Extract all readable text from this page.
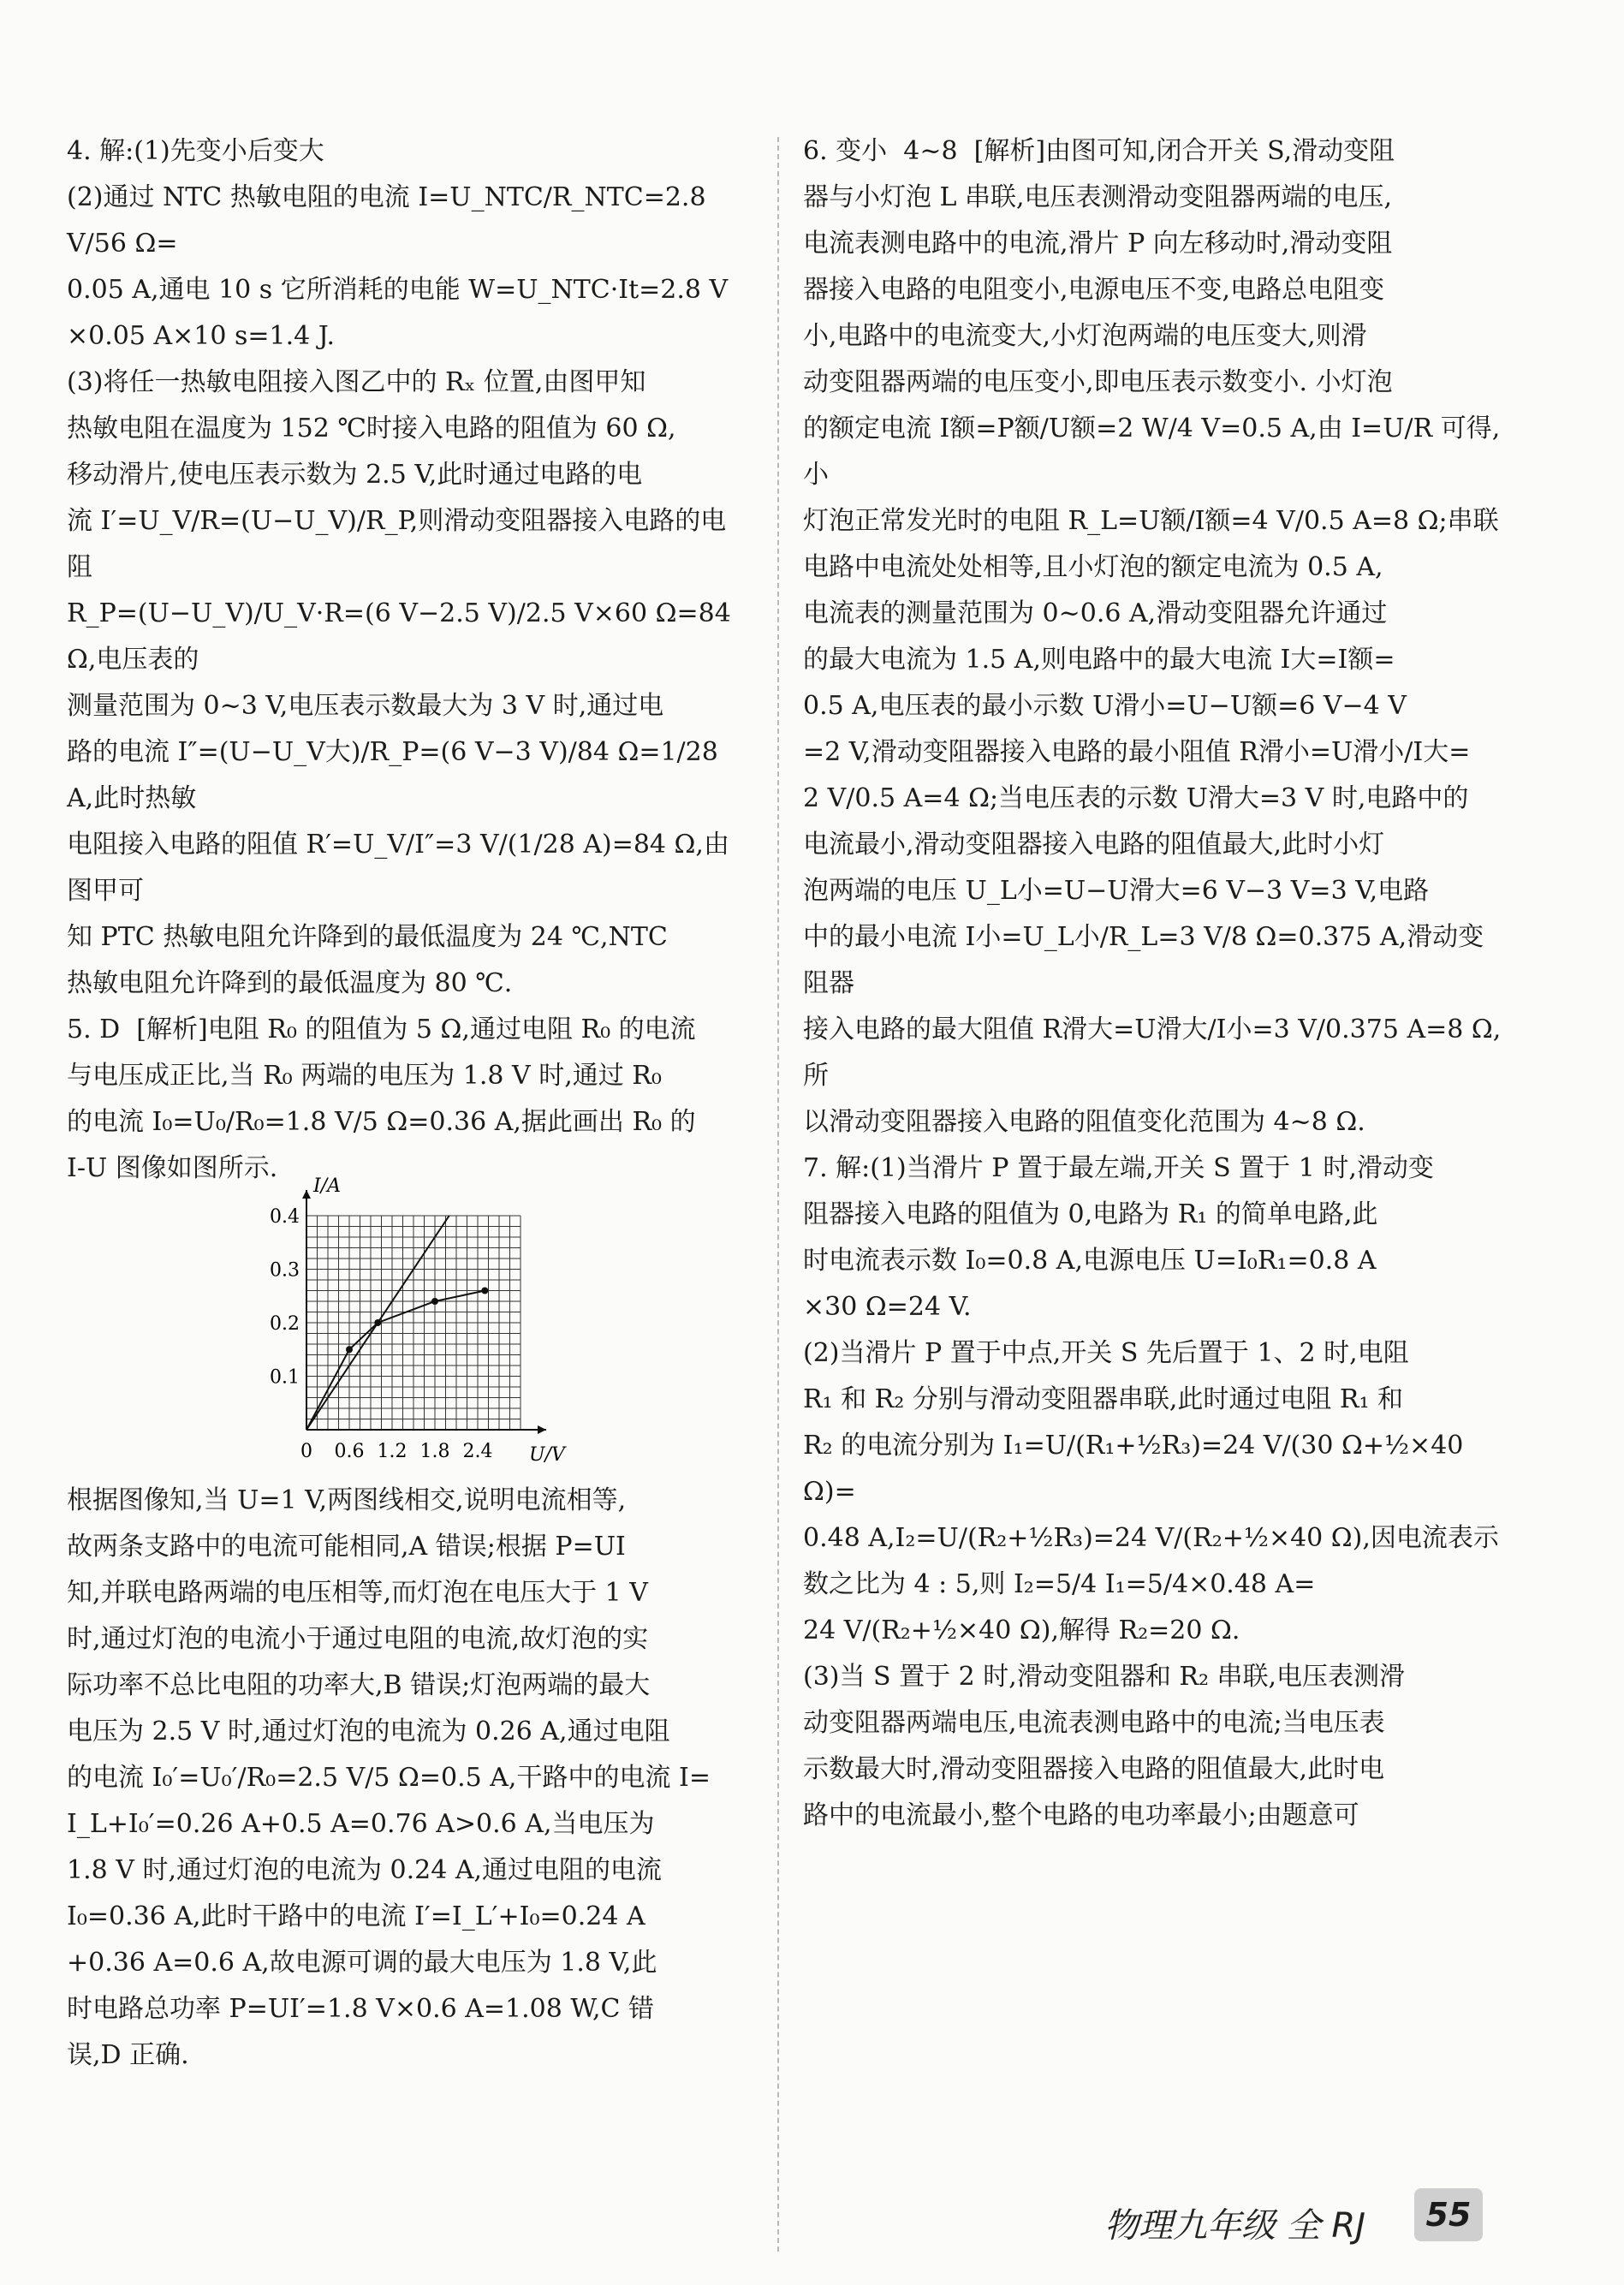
4. 解:(1)先变小后变大

(2)通过 NTC 热敏电阻的电流 I=U_NTC/R_NTC=2.8 V/56 Ω=

0.05 A,通电 10 s 它所消耗的电能 W=U_NTC·It=2.8 V

×0.05 A×10 s=1.4 J.

(3)将任一热敏电阻接入图乙中的 Rₓ 位置,由图甲知

热敏电阻在温度为 152 ℃时接入电路的阻值为 60 Ω,

移动滑片,使电压表示数为 2.5 V,此时通过电路的电

流 I′=U_V/R=(U−U_V)/R_P,则滑动变阻器接入电路的电阻

R_P=(U−U_V)/U_V·R=(6 V−2.5 V)/2.5 V×60 Ω=84 Ω,电压表的

测量范围为 0~3 V,电压表示数最大为 3 V 时,通过电

路的电流 I″=(U−U_V大)/R_P=(6 V−3 V)/84 Ω=1/28 A,此时热敏

电阻接入电路的阻值 R′=U_V/I″=3 V/(1/28 A)=84 Ω,由图甲可

知 PTC 热敏电阻允许降到的最低温度为 24 ℃,NTC

热敏电阻允许降到的最低温度为 80 ℃.

5. D  [解析]电阻 R₀ 的阻值为 5 Ω,通过电阻 R₀ 的电流

与电压成正比,当 R₀ 两端的电压为 1.8 V 时,通过 R₀

的电流 I₀=U₀/R₀=1.8 V/5 Ω=0.36 A,据此画出 R₀ 的

I-U 图像如图所示.

0 0.6 1.2 1.8 2.4
0.1
0.2
0.3
0.4
U/V
I/A

根据图像知,当 U=1 V,两图线相交,说明电流相等,

故两条支路中的电流可能相同,A 错误;根据 P=UI

知,并联电路两端的电压相等,而灯泡在电压大于 1 V

时,通过灯泡的电流小于通过电阻的电流,故灯泡的实

际功率不总比电阻的功率大,B 错误;灯泡两端的最大

电压为 2.5 V 时,通过灯泡的电流为 0.26 A,通过电阻

的电流 I₀′=U₀′/R₀=2.5 V/5 Ω=0.5 A,干路中的电流 I=

I_L+I₀′=0.26 A+0.5 A=0.76 A>0.6 A,当电压为

1.8 V 时,通过灯泡的电流为 0.24 A,通过电阻的电流

I₀=0.36 A,此时干路中的电流 I′=I_L′+I₀=0.24 A

+0.36 A=0.6 A,故电源可调的最大电压为 1.8 V,此

时电路总功率 P=UI′=1.8 V×0.6 A=1.08 W,C 错

误,D 正确.

6. 变小  4~8  [解析]由图可知,闭合开关 S,滑动变阻

器与小灯泡 L 串联,电压表测滑动变阻器两端的电压,

电流表测电路中的电流,滑片 P 向左移动时,滑动变阻

器接入电路的电阻变小,电源电压不变,电路总电阻变

小,电路中的电流变大,小灯泡两端的电压变大,则滑

动变阻器两端的电压变小,即电压表示数变小. 小灯泡

的额定电流 I额=P额/U额=2 W/4 V=0.5 A,由 I=U/R 可得,小

灯泡正常发光时的电阻 R_L=U额/I额=4 V/0.5 A=8 Ω;串联

电路中电流处处相等,且小灯泡的额定电流为 0.5 A,

电流表的测量范围为 0~0.6 A,滑动变阻器允许通过

的最大电流为 1.5 A,则电路中的最大电流 I大=I额=

0.5 A,电压表的最小示数 U滑小=U−U额=6 V−4 V

=2 V,滑动变阻器接入电路的最小阻值 R滑小=U滑小/I大=

2 V/0.5 A=4 Ω;当电压表的示数 U滑大=3 V 时,电路中的

电流最小,滑动变阻器接入电路的阻值最大,此时小灯

泡两端的电压 U_L小=U−U滑大=6 V−3 V=3 V,电路

中的最小电流 I小=U_L小/R_L=3 V/8 Ω=0.375 A,滑动变阻器

接入电路的最大阻值 R滑大=U滑大/I小=3 V/0.375 A=8 Ω,所

以滑动变阻器接入电路的阻值变化范围为 4~8 Ω.

7. 解:(1)当滑片 P 置于最左端,开关 S 置于 1 时,滑动变

阻器接入电路的阻值为 0,电路为 R₁ 的简单电路,此

时电流表示数 I₀=0.8 A,电源电压 U=I₀R₁=0.8 A

×30 Ω=24 V.

(2)当滑片 P 置于中点,开关 S 先后置于 1、2 时,电阻

R₁ 和 R₂ 分别与滑动变阻器串联,此时通过电阻 R₁ 和

R₂ 的电流分别为 I₁=U/(R₁+½R₃)=24 V/(30 Ω+½×40 Ω)=

0.48 A,I₂=U/(R₂+½R₃)=24 V/(R₂+½×40 Ω),因电流表示

数之比为 4 : 5,则 I₂=5/4 I₁=5/4×0.48 A=

24 V/(R₂+½×40 Ω),解得 R₂=20 Ω.

(3)当 S 置于 2 时,滑动变阻器和 R₂ 串联,电压表测滑

动变阻器两端电压,电流表测电路中的电流;当电压表

示数最大时,滑动变阻器接入电路的阻值最大,此时电

路中的电流最小,整个电路的电功率最小;由题意可

物理九年级 全 RJ	55
